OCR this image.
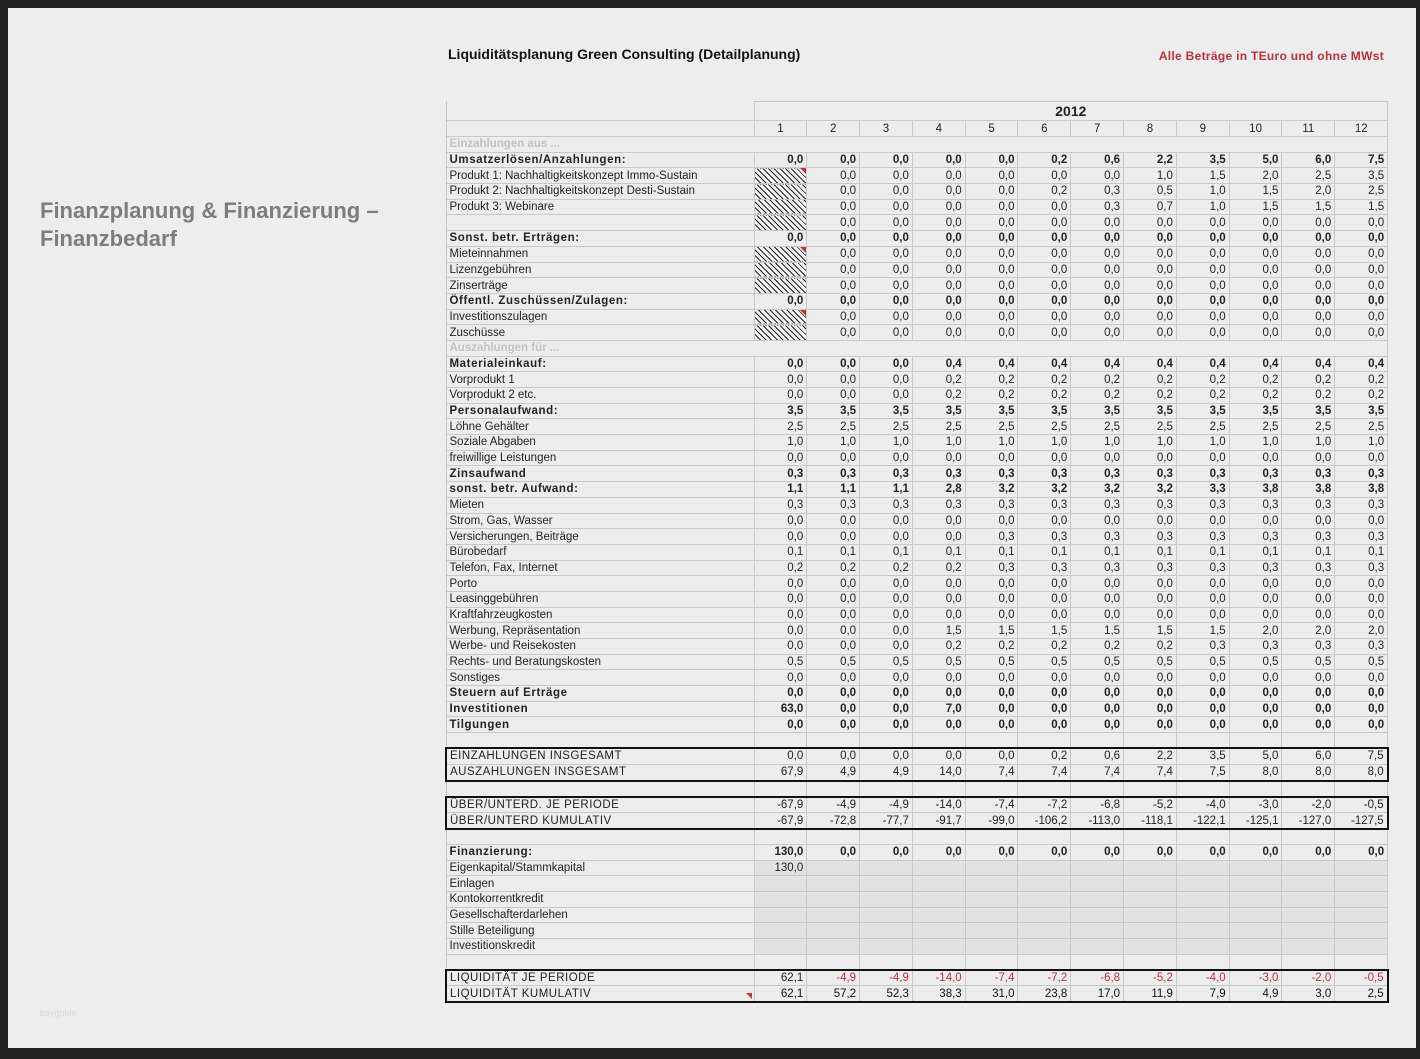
Finanzplanung & Finanzierung – Finanzbedarf
bayguide
Liquiditätsplanung Green Consulting (Detailplanung)	Alle Beträge in TEuro und ohne MWst
	2012											
	1	2	3	4	5	6	7	8	9	10	11	12
Einzahlungen aus ...												
Umsatzerlösen/Anzahlungen:	0,0	0,0	0,0	0,0	0,0	0,2	0,6	2,2	3,5	5,0	6,0	7,5
Produkt 1: Nachhaltigkeitskonzept Immo-Sustain		0,0	0,0	0,0	0,0	0,0	0,0	1,0	1,5	2,0	2,5	3,5
Produkt 2: Nachhaltigkeitskonzept Desti-Sustain		0,0	0,0	0,0	0,0	0,2	0,3	0,5	1,0	1,5	2,0	2,5
Produkt 3: Webinare		0,0	0,0	0,0	0,0	0,0	0,3	0,7	1,0	1,5	1,5	1,5
		0,0	0,0	0,0	0,0	0,0	0,0	0,0	0,0	0,0	0,0	0,0
Sonst. betr. Erträgen:	0,0	0,0	0,0	0,0	0,0	0,0	0,0	0,0	0,0	0,0	0,0	0,0
Mieteinnahmen		0,0	0,0	0,0	0,0	0,0	0,0	0,0	0,0	0,0	0,0	0,0
Lizenzgebühren		0,0	0,0	0,0	0,0	0,0	0,0	0,0	0,0	0,0	0,0	0,0
Zinserträge		0,0	0,0	0,0	0,0	0,0	0,0	0,0	0,0	0,0	0,0	0,0
Öffentl. Zuschüssen/Zulagen:	0,0	0,0	0,0	0,0	0,0	0,0	0,0	0,0	0,0	0,0	0,0	0,0
Investitionszulagen		0,0	0,0	0,0	0,0	0,0	0,0	0,0	0,0	0,0	0,0	0,0
Zuschüsse		0,0	0,0	0,0	0,0	0,0	0,0	0,0	0,0	0,0	0,0	0,0
Auszahlungen für ...												
Materialeinkauf:	0,0	0,0	0,0	0,4	0,4	0,4	0,4	0,4	0,4	0,4	0,4	0,4
Vorprodukt 1	0,0	0,0	0,0	0,2	0,2	0,2	0,2	0,2	0,2	0,2	0,2	0,2
Vorprodukt 2 etc.	0,0	0,0	0,0	0,2	0,2	0,2	0,2	0,2	0,2	0,2	0,2	0,2
Personalaufwand:	3,5	3,5	3,5	3,5	3,5	3,5	3,5	3,5	3,5	3,5	3,5	3,5
Löhne Gehälter	2,5	2,5	2,5	2,5	2,5	2,5	2,5	2,5	2,5	2,5	2,5	2,5
Soziale Abgaben	1,0	1,0	1,0	1,0	1,0	1,0	1,0	1,0	1,0	1,0	1,0	1,0
freiwillige Leistungen	0,0	0,0	0,0	0,0	0,0	0,0	0,0	0,0	0,0	0,0	0,0	0,0
Zinsaufwand	0,3	0,3	0,3	0,3	0,3	0,3	0,3	0,3	0,3	0,3	0,3	0,3
sonst. betr. Aufwand:	1,1	1,1	1,1	2,8	3,2	3,2	3,2	3,2	3,3	3,8	3,8	3,8
Mieten	0,3	0,3	0,3	0,3	0,3	0,3	0,3	0,3	0,3	0,3	0,3	0,3
Strom, Gas, Wasser	0,0	0,0	0,0	0,0	0,0	0,0	0,0	0,0	0,0	0,0	0,0	0,0
Versicherungen, Beiträge	0,0	0,0	0,0	0,0	0,3	0,3	0,3	0,3	0,3	0,3	0,3	0,3
Bürobedarf	0,1	0,1	0,1	0,1	0,1	0,1	0,1	0,1	0,1	0,1	0,1	0,1
Telefon, Fax, Internet	0,2	0,2	0,2	0,2	0,3	0,3	0,3	0,3	0,3	0,3	0,3	0,3
Porto	0,0	0,0	0,0	0,0	0,0	0,0	0,0	0,0	0,0	0,0	0,0	0,0
Leasinggebühren	0,0	0,0	0,0	0,0	0,0	0,0	0,0	0,0	0,0	0,0	0,0	0,0
Kraftfahrzeugkosten	0,0	0,0	0,0	0,0	0,0	0,0	0,0	0,0	0,0	0,0	0,0	0,0
Werbung, Repräsentation	0,0	0,0	0,0	1,5	1,5	1,5	1,5	1,5	1,5	2,0	2,0	2,0
Werbe- und Reisekosten	0,0	0,0	0,0	0,2	0,2	0,2	0,2	0,2	0,3	0,3	0,3	0,3
Rechts- und Beratungskosten	0,5	0,5	0,5	0,5	0,5	0,5	0,5	0,5	0,5	0,5	0,5	0,5
Sonstiges	0,0	0,0	0,0	0,0	0,0	0,0	0,0	0,0	0,0	0,0	0,0	0,0
Steuern auf Erträge	0,0	0,0	0,0	0,0	0,0	0,0	0,0	0,0	0,0	0,0	0,0	0,0
Investitionen	63,0	0,0	0,0	7,0	0,0	0,0	0,0	0,0	0,0	0,0	0,0	0,0
Tilgungen	0,0	0,0	0,0	0,0	0,0	0,0	0,0	0,0	0,0	0,0	0,0	0,0

EINZAHLUNGEN INSGESAMT	0,0	0,0	0,0	0,0	0,0	0,2	0,6	2,2	3,5	5,0	6,0	7,5
AUSZAHLUNGEN INSGESAMT	67,9	4,9	4,9	14,0	7,4	7,4	7,4	7,4	7,5	8,0	8,0	8,0

ÜBER/UNTERD. JE PERIODE	-67,9	-4,9	-4,9	-14,0	-7,4	-7,2	-6,8	-5,2	-4,0	-3,0	-2,0	-0,5
ÜBER/UNTERD KUMULATIV	-67,9	-72,8	-77,7	-91,7	-99,0	-106,2	-113,0	-118,1	-122,1	-125,1	-127,0	-127,5

Finanzierung:	130,0	0,0	0,0	0,0	0,0	0,0	0,0	0,0	0,0	0,0	0,0	0,0
Eigenkapital/Stammkapital	130,0											
Einlagen												
Kontokorrentkredit												
Gesellschafterdarlehen												
Stille Beteiligung												
Investitionskredit												

LIQUIDITÄT JE PERIODE	62,1	-4,9	-4,9	-14,0	-7,4	-7,2	-6,8	-5,2	-4,0	-3,0	-2,0	-0,5
LIQUIDITÄT KUMULATIV	62,1	57,2	52,3	38,3	31,0	23,8	17,0	11,9	7,9	4,9	3,0	2,5
